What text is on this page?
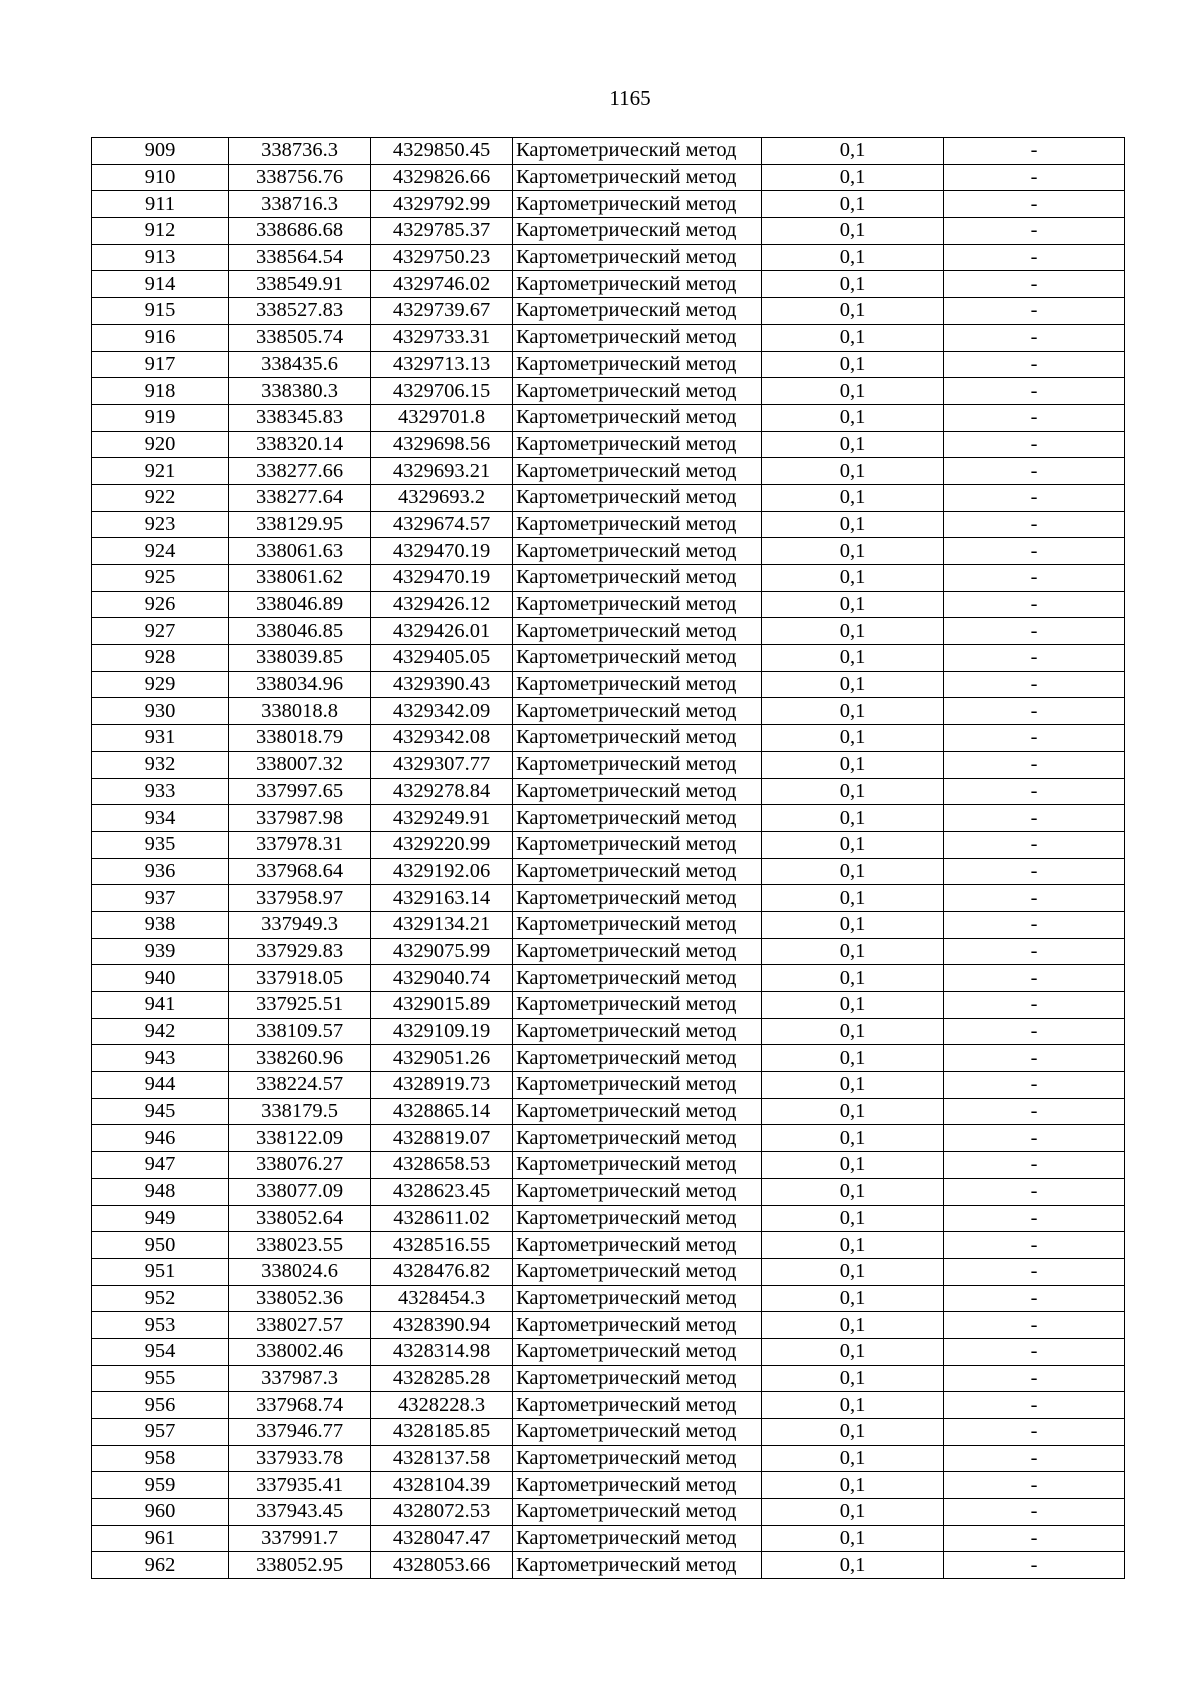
1165
909	338736.3	4329850.45	Картометрический метод	0,1	-
910	338756.76	4329826.66	Картометрический метод	0,1	-
911	338716.3	4329792.99	Картометрический метод	0,1	-
912	338686.68	4329785.37	Картометрический метод	0,1	-
913	338564.54	4329750.23	Картометрический метод	0,1	-
914	338549.91	4329746.02	Картометрический метод	0,1	-
915	338527.83	4329739.67	Картометрический метод	0,1	-
916	338505.74	4329733.31	Картометрический метод	0,1	-
917	338435.6	4329713.13	Картометрический метод	0,1	-
918	338380.3	4329706.15	Картометрический метод	0,1	-
919	338345.83	4329701.8	Картометрический метод	0,1	-
920	338320.14	4329698.56	Картометрический метод	0,1	-
921	338277.66	4329693.21	Картометрический метод	0,1	-
922	338277.64	4329693.2	Картометрический метод	0,1	-
923	338129.95	4329674.57	Картометрический метод	0,1	-
924	338061.63	4329470.19	Картометрический метод	0,1	-
925	338061.62	4329470.19	Картометрический метод	0,1	-
926	338046.89	4329426.12	Картометрический метод	0,1	-
927	338046.85	4329426.01	Картометрический метод	0,1	-
928	338039.85	4329405.05	Картометрический метод	0,1	-
929	338034.96	4329390.43	Картометрический метод	0,1	-
930	338018.8	4329342.09	Картометрический метод	0,1	-
931	338018.79	4329342.08	Картометрический метод	0,1	-
932	338007.32	4329307.77	Картометрический метод	0,1	-
933	337997.65	4329278.84	Картометрический метод	0,1	-
934	337987.98	4329249.91	Картометрический метод	0,1	-
935	337978.31	4329220.99	Картометрический метод	0,1	-
936	337968.64	4329192.06	Картометрический метод	0,1	-
937	337958.97	4329163.14	Картометрический метод	0,1	-
938	337949.3	4329134.21	Картометрический метод	0,1	-
939	337929.83	4329075.99	Картометрический метод	0,1	-
940	337918.05	4329040.74	Картометрический метод	0,1	-
941	337925.51	4329015.89	Картометрический метод	0,1	-
942	338109.57	4329109.19	Картометрический метод	0,1	-
943	338260.96	4329051.26	Картометрический метод	0,1	-
944	338224.57	4328919.73	Картометрический метод	0,1	-
945	338179.5	4328865.14	Картометрический метод	0,1	-
946	338122.09	4328819.07	Картометрический метод	0,1	-
947	338076.27	4328658.53	Картометрический метод	0,1	-
948	338077.09	4328623.45	Картометрический метод	0,1	-
949	338052.64	4328611.02	Картометрический метод	0,1	-
950	338023.55	4328516.55	Картометрический метод	0,1	-
951	338024.6	4328476.82	Картометрический метод	0,1	-
952	338052.36	4328454.3	Картометрический метод	0,1	-
953	338027.57	4328390.94	Картометрический метод	0,1	-
954	338002.46	4328314.98	Картометрический метод	0,1	-
955	337987.3	4328285.28	Картометрический метод	0,1	-
956	337968.74	4328228.3	Картометрический метод	0,1	-
957	337946.77	4328185.85	Картометрический метод	0,1	-
958	337933.78	4328137.58	Картометрический метод	0,1	-
959	337935.41	4328104.39	Картометрический метод	0,1	-
960	337943.45	4328072.53	Картометрический метод	0,1	-
961	337991.7	4328047.47	Картометрический метод	0,1	-
962	338052.95	4328053.66	Картометрический метод	0,1	-
